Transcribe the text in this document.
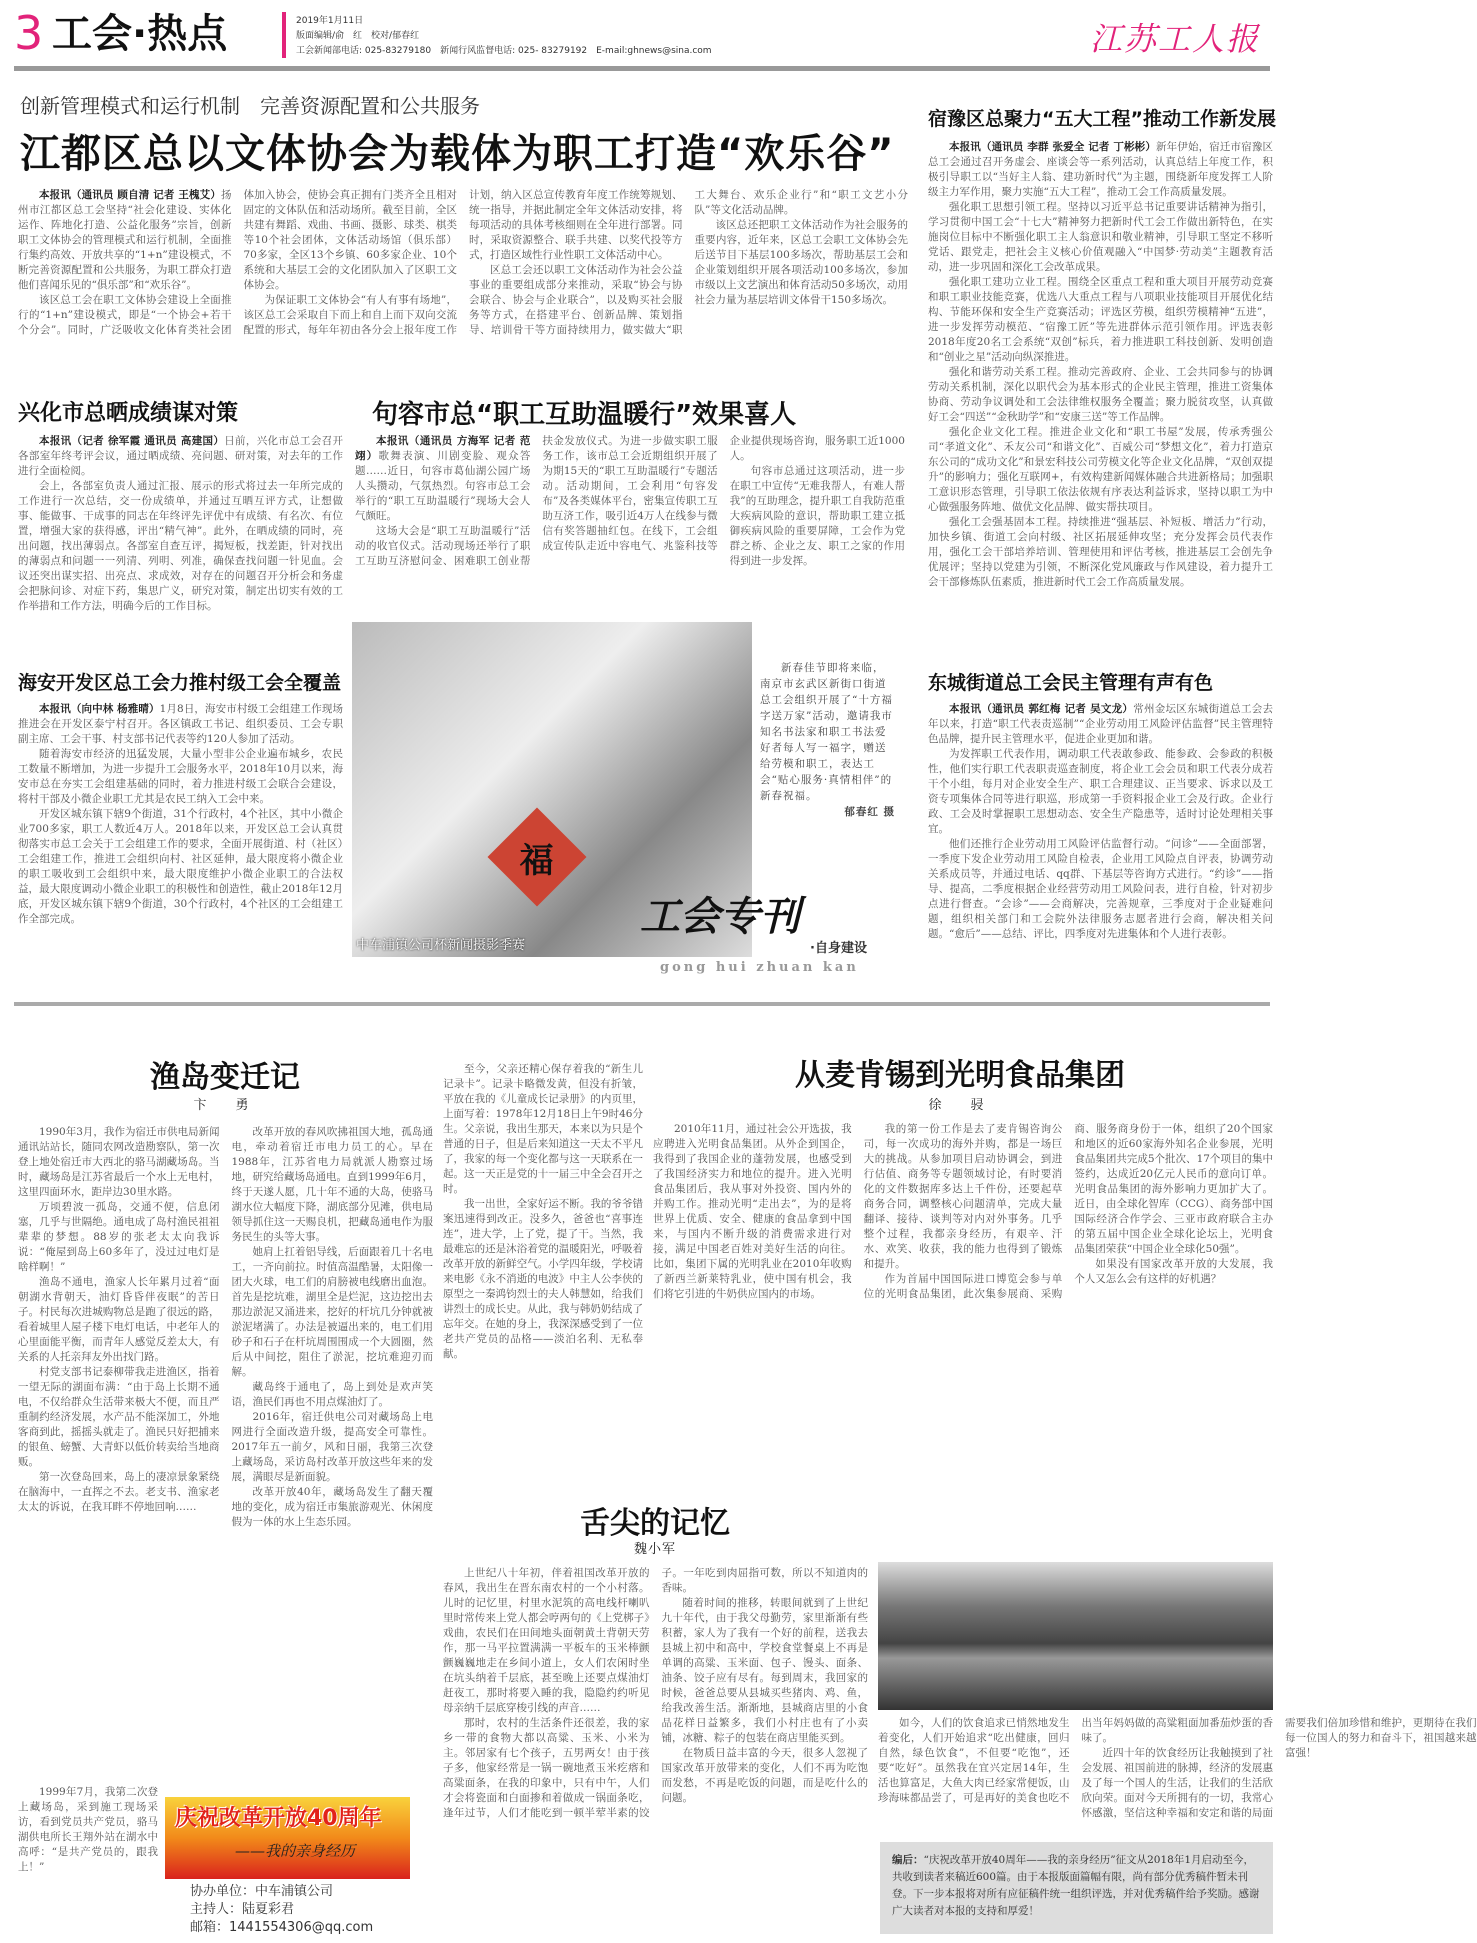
3 工会·热点	2019年1月11日
版面编辑/俞　红　校对/郁春红
工会新闻部电话: 025-83279180　新闻行风监督电话: 025- 83279192　E-mail:ghnews@sina.com	江苏工人报
创新管理模式和运行机制　完善资源配置和公共服务
江都区总以文体协会为载体为职工打造“欢乐谷”

本报讯（通讯员 顾自清 记者 王槐艾）扬州市江都区总工会坚持“社会化建设、实体化运作、阵地化打造、公益化服务”宗旨，创新职工文体协会的管理模式和运行机制，全面推行集约高效、开放共享的“1+n”建设模式，不断完善资源配置和公共服务，为职工群众打造他们喜闻乐见的“俱乐部”和“欢乐谷”。

该区总工会在职工文体协会建设上全面推行的“1+n”建设模式，即是“一个协会+若干个分会”。同时，广泛吸收文化体育类社会团体加入协会，使协会真正拥有门类齐全且相对固定的文体队伍和活动场所。截至目前，全区共建有舞蹈、戏曲、书画、摄影、球类、棋类等10个社会团体，文体活动场馆（俱乐部）70多家，全区13个乡镇、60多家企业、10个系统和大基层工会的文化团队加入了区职工文体协会。

为保证职工文体协会“有人有事有场地”，该区总工会采取自下而上和自上而下双向交流配置的形式，每年年初由各分会上报年度工作计划，纳入区总宣传教育年度工作统筹规划、统一指导，并据此制定全年文体活动安排，将每项活动的具体考核细则在全年进行部署。同时，采取资源整合、联手共建、以奖代投等方式，打造区域性行业性职工文体活动中心。

区总工会还以职工文体活动作为社会公益事业的重要组成部分来推动，采取“协会与协会联合、协会与企业联合”，以及购买社会服务等方式，在搭建平台、创新品牌、策划指导、培训骨干等方面持续用力，做实做大“职工大舞台、欢乐企业行”和“职工文艺小分队”等文化活动品牌。

该区总还把职工文体活动作为社会服务的重要内容，近年来，区总工会职工文体协会先后送节目下基层100多场次，帮助基层工会和企业策划组织开展各项活动100多场次，参加市级以上文艺演出和体育活动50多场次，动用社会力量为基层培训文体骨干150多场次。

宿豫区总聚力“五大工程”推动工作新发展

本报讯（通讯员 李群 张爱全 记者 丁彬彬）新年伊始，宿迁市宿豫区总工会通过召开务虚会、座谈会等一系列活动，认真总结上年度工作，积极引导职工以“当好主人翁、建功新时代”为主题，围绕新年度发挥工人阶级主力军作用，聚力实施“五大工程”，推动工会工作高质量发展。

强化职工思想引领工程。坚持以习近平总书记重要讲话精神为指引，学习贯彻中国工会“十七大”精神努力把新时代工会工作做出新特色，在实施岗位目标中不断强化职工主人翁意识和敬业精神，引导职工坚定不移听党话、跟党走，把社会主义核心价值观融入“中国梦·劳动美”主题教育活动，进一步巩固和深化工会改革成果。

强化职工建功立业工程。围绕全区重点工程和重大项目开展劳动竞赛和职工职业技能竞赛，优选八大重点工程与八项职业技能项目开展优化结构、节能环保和安全生产竞赛活动；评选区劳模，组织劳模精神“五进”，进一步发挥劳动模范、“宿豫工匠”等先进群体示范引领作用。评选表彰2018年度20名工会系统“双创”标兵，着力推进职工科技创新、发明创造和“创业之星”活动向纵深推进。

强化和谐劳动关系工程。推动完善政府、企业、工会共同参与的协调劳动关系机制，深化以职代会为基本形式的企业民主管理，推进工资集体协商、劳动争议调处和工会法律维权服务全覆盖；聚力脱贫攻坚，认真做好工会“四送”“金秋助学”和“安康三送”等工作品牌。

强化企业文化工程。推进企业文化和“职工书屋”发展，传承秀强公司“孝道文化”、禾友公司“和谐文化”、百威公司“梦想文化”，着力打造京东公司的“成功文化”和景宏科技公司劳模文化等企业文化品牌，“双创双提升”的影响力；强化互联网+，有效构建新闻媒体融合共进新格局；加强职工意识形态管理，引导职工依法依规有序表达利益诉求，坚持以职工为中心做强服务阵地、做优文化品牌、做实帮扶项目。

强化工会强基固本工程。持续推进“强基层、补短板、增活力”行动，加快乡镇、街道工会向村级、社区拓展延伸攻坚；充分发挥会员代表作用，强化工会干部培养培训、管理使用和评估考核，推进基层工会创先争优展评；坚持以党建为引领，不断深化党风廉政与作风建设，着力提升工会干部修炼队伍素质，推进新时代工会工作高质量发展。

兴化市总晒成绩谋对策

本报讯（记者 徐军霞 通讯员 高建国）日前，兴化市总工会召开各部室年终考评会议，通过晒成绩、亮问题、研对策，对去年的工作进行全面检阅。

会上，各部室负责人通过汇报、展示的形式将过去一年所完成的工作进行一次总结，交一份成绩单，并通过互晒互评方式，让想做事、能做事、干成事的同志在年终评先评优中有成绩、有名次、有位置，增强大家的获得感，评出“精气神”。此外，在晒成绩的同时，亮出问题，找出薄弱点。各部室自查互评，揭短板，找差距，针对找出的薄弱点和问题一一列清、列明、列准，确保查找问题一针见血。会议还突出谋实招、出亮点、求成效，对存在的问题召开分析会和务虚会把脉问诊、对症下药，集思广义，研究对策，制定出切实有效的工作举措和工作方法，明确今后的工作目标。

句容市总“职工互助温暖行”效果喜人

本报讯（通讯员 方海军 记者 范翊）歌舞表演、川剧变脸、观众答题……近日，句容市葛仙湖公园广场人头攒动，气氛热烈。句容市总工会举行的“职工互助温暖行”现场大会人气颇旺。

这场大会是“职工互助温暖行”活动的收官仪式。活动现场还举行了职工互助互济慰问金、困难职工创业帮扶金发放仪式。为进一步做实职工服务工作，该市总工会近期组织开展了为期15天的“职工互助温暖行”专题活动。活动期间，工会利用“句容发布”及各类媒体平台，密集宣传职工互助互济工作，吸引近4万人在线参与微信有奖答题抽红包。在线下，工会组成宣传队走近中容电气、兆鉴科技等企业提供现场咨询，服务职工近1000人。

句容市总通过这项活动，进一步在职工中宣传“无难我帮人，有难人帮我”的互助理念，提升职工自我防范重大疾病风险的意识，帮助职工建立抵御疾病风险的重要屏障，工会作为党群之桥、企业之友、职工之家的作用得到进一步发挥。

福
中车浦镇公司杯新闻摄影季赛

新春佳节即将来临，南京市玄武区新街口街道总工会组织开展了“十方福字送万家”活动，邀请我市知名书法家和职工书法爱好者每人写一福字，赠送给劳模和职工，表达工会“贴心服务·真情相伴”的新春祝福。

郁春红 摄

工会专刊
·自身建设
gong hui zhuan kan
海安开发区总工会力推村级工会全覆盖

本报讯（向中林 杨雅晴）1月8日，海安市村级工会组建工作现场推进会在开发区泰宁村召开。各区镇政工书记、组织委员、工会专职副主席、工会干事、村支部书记代表等约120人参加了活动。

随着海安市经济的迅猛发展，大量小型非公企业遍布城乡，农民工数量不断增加，为进一步提升工会服务水平，2018年10月以来，海安市总在夯实工会组建基础的同时，着力推进村级工会联合会建设，将村干部及小微企业职工尤其是农民工纳入工会中来。

开发区城东镇下辖9个街道，31个行政村，4个社区，其中小微企业700多家，职工人数近4万人。2018年以来，开发区总工会认真贯彻落实市总工会关于工会组建工作的要求，全面开展街道、村（社区）工会组建工作，推进工会组织向村、社区延伸，最大限度将小微企业的职工吸收到工会组织中来，最大限度维护小微企业职工的合法权益，最大限度调动小微企业职工的积极性和创造性，截止2018年12月底，开发区城东镇下辖9个街道，30个行政村，4个社区的工会组建工作全部完成。

东城街道总工会民主管理有声有色

本报讯（通讯员 郭红梅 记者 吴文龙）常州金坛区东城街道总工会去年以来，打造“职工代表责巡制”“企业劳动用工风险评估监督”民主管理特色品牌，提升民主管理水平，促进企业更加和谐。

为发挥职工代表作用，调动职工代表敢参政、能参政、会参政的积极性，他们实行职工代表职责巡查制度，将企业工会会员和职工代表分成若干个小组，每月对企业安全生产、职工合理建议、正当要求、诉求以及工资专项集体合同等进行职巡，形成第一手资料报企业工会及行政。企业行政、工会及时掌握职工思想动态、安全生产隐患等，适时讨论处理相关事宜。

他们还推行企业劳动用工风险评估监督行动。“问诊”——全面部署，一季度下发企业劳动用工风险自检表，企业用工风险点自评表，协调劳动关系成员等，并通过电话、qq群、下基层等咨询方式进行。“约诊”——指导、提高，二季度根据企业经营劳动用工风险问表，进行自检，针对初步点进行督查。“会诊”——会商解决，完善规章，三季度对于企业疑难问题，组织相关部门和工会院外法律服务志愿者进行会商，解决相关问题。“愈后”——总结、评比，四季度对先进集体和个人进行表彰。

渔岛变迁记
卞　勇

1990年3月，我作为宿迁市供电局新闻通讯站站长，随同农网改造勘察队，第一次登上地处宿迁市大西北的骆马湖藏场岛。当时，藏场岛是江苏省最后一个水上无电村，这里四面环水，距岸边30里水路。

万顷碧波一孤岛，交通不便，信息闭塞，几乎与世隔绝。通电成了岛村渔民祖祖辈辈的梦想。88岁的张老太太向我诉说：“俺屋到岛上60多年了，没过过电灯是啥样啊！”

渔岛不通电，渔家人长年累月过着“面朝湖水背朝天，油灯昏昏伴夜眠”的苦日子。村民每次进城购物总是跑了很远的路，看着城里人屋子楼下电灯电话，中老年人的心里面能平衡，而青年人感觉反差太大，有关系的人托亲拜友外出找门路。

村党支部书记泰柳带我走进渔区，指着一望无际的湖面布满：“由于岛上长期不通电，不仅给群众生活带来极大不便，而且严重制约经济发展，水产品不能深加工，外地客商到此，摇摇头就走了。渔民只好把捕来的银鱼、螃蟹、大青虾以低价转卖给当地商贩。

第一次登岛回来，岛上的凄凉景象紧绕在脑海中，一直挥之不去。老支书、渔家老太太的诉说，在我耳畔不停地回响……

改革开放的春风吹拂祖国大地，孤岛通电，牵动着宿迁市电力员工的心。早在1988年，江苏省电力局就派人勘察过场地，研究给藏场岛通电。直到1999年6月，终于天遂人愿，几十年不通的大岛，使骆马湖水位大幅度下降，湖底部分见滩，供电局领导抓住这一天赐良机，把藏岛通电作为服务民生的头等大事。

她肩上扛着铝导线，后面跟着几十名电工，一齐向前拉。时值高温酷暑，太阳像一团大火球，电工们的肩膀被电线磨出血泡。首先是挖坑难，湖里全是烂泥，这边挖出去那边淤泥又涌进来，挖好的杆坑几分钟就被淤泥堵满了。办法是被逼出来的，电工们用砂子和石子在杆坑周围围成一个大圆圈，然后从中间挖，阻住了淤泥，挖坑难迎刃而解。

藏岛终于通电了，岛上到处是欢声笑语，渔民们再也不用点煤油灯了。

2016年，宿迁供电公司对藏场岛上电网进行全面改造升级，提高安全可靠性。2017年五一前夕，风和日丽，我第三次登上藏场岛，采访岛村改革开放这些年来的发展，满眼尽是新面貌。

改革开放40年，藏场岛发生了翻天覆地的变化，成为宿迁市集旅游观光、休闲度假为一体的水上生态乐园。

1999年7月，我第二次登上藏场岛，采到施工现场采访，看到党员共产党员，骆马湖供电所长王翔外站在湖水中高呼：“是共产党员的，跟我上！”

庆祝改革开放40周年
——我的亲身经历
协办单位：中车浦镇公司
主持人：陆夏彩君
邮箱：1441554306@qq.com
从麦肯锡到光明食品集团
徐　骎

至今，父亲还精心保存着我的“新生儿记录卡”。记录卡略微发黄，但没有折皱，平放在我的《儿童成长记录册》的内页里，上面写着：1978年12月18日上午9时46分生。父亲说，我出生那天，本来以为只是个普通的日子，但是后来知道这一天太不平凡了，我家的每一个变化都与这一天联系在一起。这一天正是党的十一届三中全会召开之时。

我一出世，全家好运不断。我的爷爷错案迅速得到改正。没多久，爸爸也“喜事连连”，进大学，上了党，提了干。当然，我最难忘的还是沐浴着党的温暖阳光，呼吸着改革开放的新鲜空气。小学四年级，学校请来电影《永不消逝的电波》中主人公李侠的原型之一秦鸿钧烈士的夫人韩慧如，给我们讲烈士的成长史。从此，我与韩奶奶结成了忘年交。在她的身上，我深深感受到了一位老共产党员的品格——淡泊名利、无私奉献。

2010年11月，通过社会公开选拔，我应聘进入光明食品集团。从外企到国企，我得到了我国企业的蓬勃发展，也感受到了我国经济实力和地位的提升。进入光明食品集团后，我从事对外投资、国内外的并购工作。推动光明“走出去”，为的是将世界上优质、安全、健康的食品拿到中国来，与国内不断升级的消费需求进行对接，满足中国老百姓对美好生活的向往。比如，集团下属的光明乳业在2010年收购了新西兰新莱特乳业，使中国有机会，我们将它引进的牛奶供应国内的市场。

我的第一份工作是去了麦肯锡咨询公司，每一次成功的海外并购，都是一场巨大的挑战。从参加项目启动协调会，到进行估值、商务等专题领域讨论，有时要消化的文件数据库多达上千件份，还要起草商务合同，调整核心问题清单，完成大量翻译、接待、谈判等对内对外事务。几乎整个过程，我都亲身经历，有艰辛、汗水、欢笑、收获，我的能力也得到了锻炼和提升。

作为首届中国国际进口博览会参与单位的光明食品集团，此次集参展商、采购商、服务商身份于一体，组织了20个国家和地区的近60家海外知名企业参展，光明食品集团共完成5个批次、17个项目的集中签约，达成近20亿元人民币的意向订单。光明食品集团的海外影响力更加扩大了。近日，由全球化智库（CCG）、商务部中国国际经济合作学会、三亚市政府联合主办的第五届中国企业全球化论坛上，光明食品集团荣获“中国企业全球化50强”。

如果没有国家改革开放的大发展，我个人又怎么会有这样的好机遇？

舌尖的记忆
魏小军

上世纪八十年初，伴着祖国改革开放的春风，我出生在晋东南农村的一个小村落。儿时的记忆里，村里水泥筑的高电线杆喇叭里时常传来上党人都会哼两句的《上党梆子》戏曲，农民们在田间地头面朝黄土背朝天劳作，那一马平拉置满满一平板车的玉米棒颤颤巍巍地走在乡间小道上，女人们农闲时坐在坑头纳着千层底，甚至晚上还要点煤油灯赶夜工，那时将要入睡的我，隐隐约约听见母亲纳千层底穿梭引线的声音……

那时，农村的生活条件还很差，我的家乡一带的食物大都以高粱、玉米、小米为主。邻居家有七个孩子，五男两女！由于孩子多，他家经常是一锅一碗地煮玉米疙瘩和高粱面条，在我的印象中，只有中午，人们才会将瓷面和白面掺和着做成一锅面条吃，逢年过节，人们才能吃到一顿半荤半素的饺子。一年吃到肉屈指可数，所以不知道肉的香味。

随着时间的推移，转眼间就到了上世纪九十年代，由于我父母勤劳，家里渐渐有些积蓄，家人为了我有一个好的前程，送我去县城上初中和高中，学校食堂餐桌上不再是单调的高粱、玉米面、包子、馒头、面条、油条、饺子应有尽有。每到周末，我回家的时候，爸爸总要从县城买些猪肉、鸡、鱼，给我改善生活。渐渐地，县城商店里的小食品花样日益繁多，我们小村庄也有了小卖铺，冰糖、粽子的包装在商店里能买到。

在物质日益丰富的今天，很多人忽视了国家改革开放带来的变化，人们不再为吃饱而发愁，不再是吃饭的问题，而是吃什么的问题。

如今，人们的饮食追求已悄然地发生着变化，人们开始追求“吃出健康，回归自然，绿色饮食”，不但要“吃饱”，还要“吃好”。虽然我在宜兴定居14年，生活也算富足，大鱼大肉已经家常便饭，山珍海味都品尝了，可是再好的美食也吃不出当年妈妈做的高粱粗面加番茄炒蛋的香味了。

近四十年的饮食经历让我触摸到了社会发展、祖国前进的脉搏，经济的发展惠及了每一个国人的生活，让我们的生活欣欣向荣。面对今天所拥有的一切，我常心怀感激，坚信这种幸福和安定和谐的局面需要我们倍加珍惜和维护，更期待在我们每一位国人的努力和奋斗下，祖国越来越富强！

编后：“庆祝改革开放40周年——我的亲身经历”征文从2018年1月启动至今，共收到读者来稿近600篇。由于本报版面篇幅有限，尚有部分优秀稿件暂未刊登。下一步本报将对所有应征稿件统一组织评选，并对优秀稿件给予奖励。感谢广大读者对本报的支持和厚爱！
